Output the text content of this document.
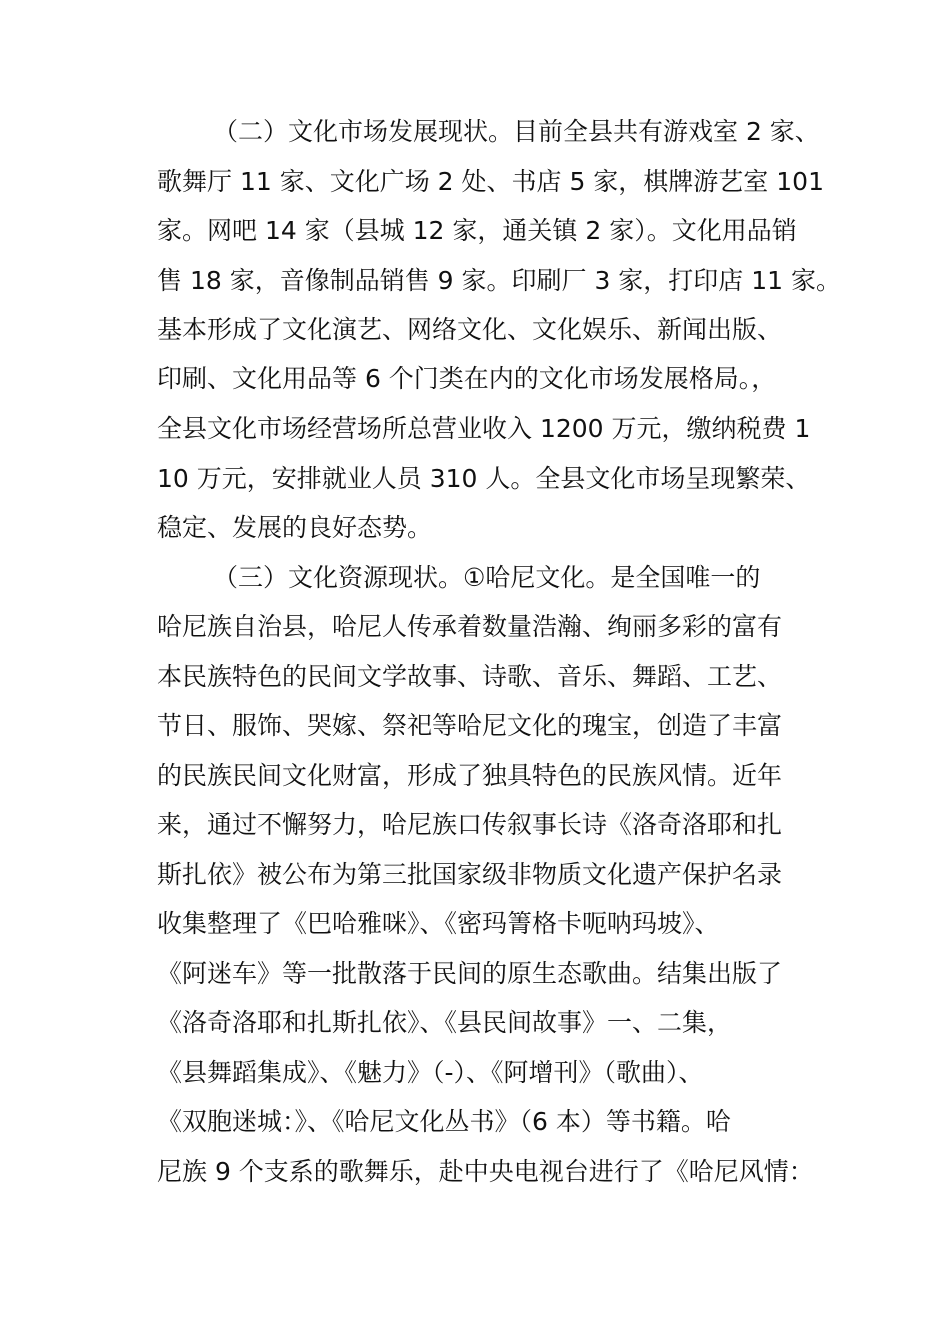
（二）文化市场发展现状。目前全县共有游戏室 2 家、
歌舞厅 11 家、文化广场 2 处、书店 5 家，棋牌游艺室 101
家。网吧 14 家（县城 12 家，通关镇 2 家）。文化用品销
售 18 家，音像制品销售 9 家。印刷厂 3 家，打印店 11 家。
基本形成了文化演艺、网络文化、文化娱乐、新闻出版、
印刷、文化用品等 6 个门类在内的文化市场发展格局。，
全县文化市场经营场所总营业收入 1200 万元，缴纳税费 1
10 万元，安排就业人员 310 人。全县文化市场呈现繁荣、
稳定、发展的良好态势。
（三）文化资源现状。①哈尼文化。是全国唯一的
哈尼族自治县，哈尼人传承着数量浩瀚、绚丽多彩的富有
本民族特色的民间文学故事、诗歌、音乐、舞蹈、工艺、
节日、服饰、哭嫁、祭祀等哈尼文化的瑰宝，创造了丰富
的民族民间文化财富，形成了独具特色的民族风情。近年
来，通过不懈努力，哈尼族口传叙事长诗《洛奇洛耶和扎
斯扎依》被公布为第三批国家级非物质文化遗产保护名录
收集整理了《巴哈雅咪》、《密玛箐格卡呃呐玛坡》、
《阿迷车》等一批散落于民间的原生态歌曲。结集出版了
《洛奇洛耶和扎斯扎依》、《县民间故事》一、二集，
《县舞蹈集成》、《魅力》（-）、《阿增刊》（歌曲）、
《双胞迷城：》、《哈尼文化丛书》（6 本）等书籍。哈
尼族 9 个支系的歌舞乐，赴中央电视台进行了《哈尼风情：
